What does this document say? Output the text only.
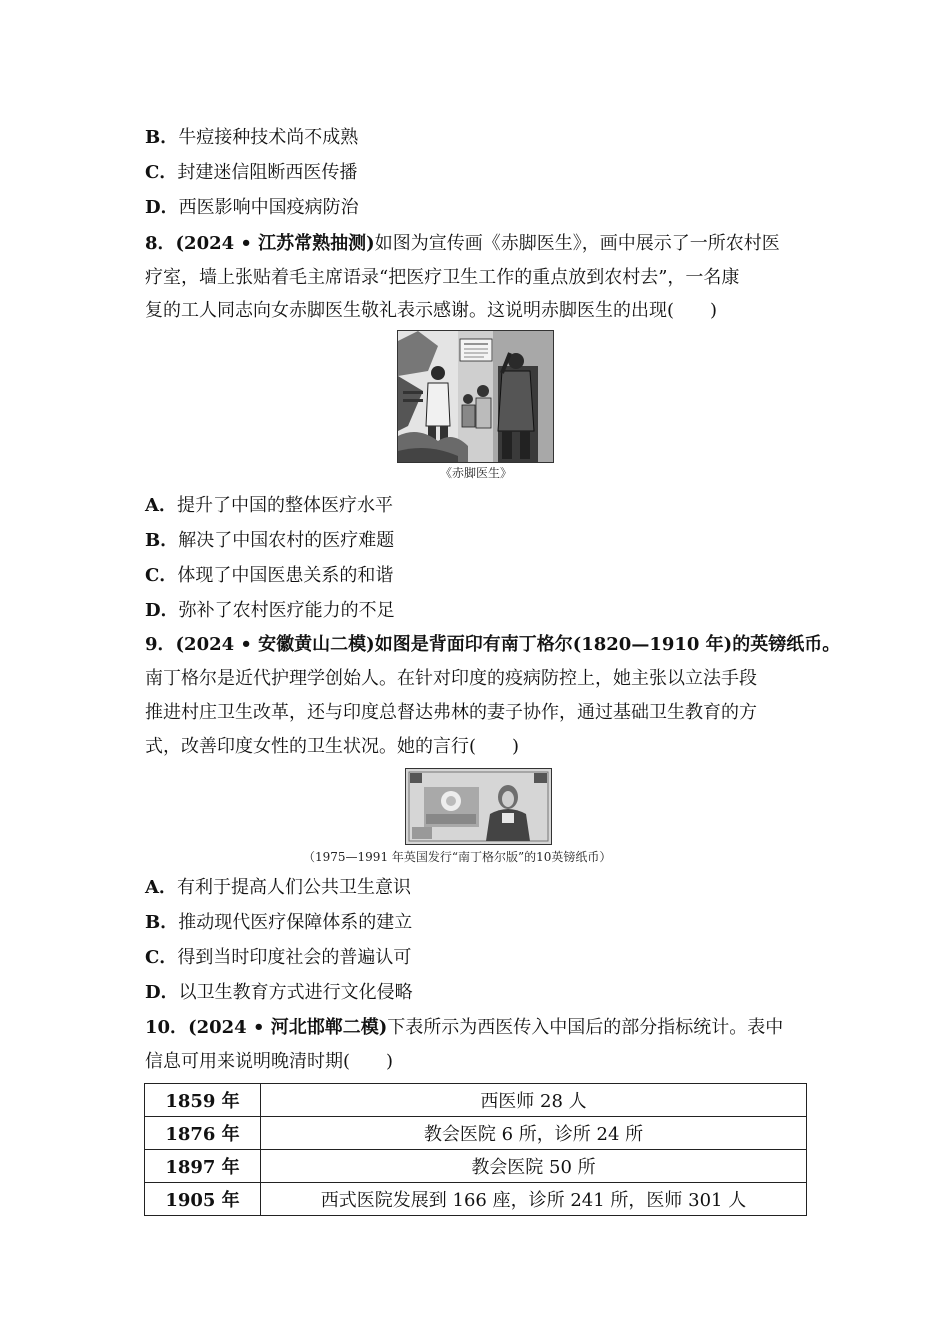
B．牛痘接种技术尚不成熟
C．封建迷信阻断西医传播
D．西医影响中国疫病防治
8．(2024 • 江苏常熟抽测)如图为宣传画《赤脚医生》，画中展示了一所农村医
疗室，墙上张贴着毛主席语录“把医疗卫生工作的重点放到农村去”，一名康
复的工人同志向女赤脚医生敬礼表示感谢。这说明赤脚医生的出现(　　)
《赤脚医生》
A．提升了中国的整体医疗水平
B．解决了中国农村的医疗难题
C．体现了中国医患关系的和谐
D．弥补了农村医疗能力的不足
9．(2024 • 安徽黄山二模)如图是背面印有南丁格尔(1820—1910 年)的英镑纸币。
南丁格尔是近代护理学创始人。在针对印度的疫病防控上，她主张以立法手段
推进村庄卫生改革，还与印度总督达弗林的妻子协作，通过基础卫生教育的方
式，改善印度女性的卫生状况。她的言行(　　)
（1975—1991 年英国发行“南丁格尔版”的10英镑纸币）
A．有利于提高人们公共卫生意识
B．推动现代医疗保障体系的建立
C．得到当时印度社会的普遍认可
D．以卫生教育方式进行文化侵略
10．(2024 • 河北邯郸二模)下表所示为西医传入中国后的部分指标统计。表中
信息可用来说明晚清时期(　　)
1859 年	西医师 28 人
1876 年	教会医院 6 所，诊所 24 所
1897 年	教会医院 50 所
1905 年	西式医院发展到 166 座，诊所 241 所，医师 301 人
